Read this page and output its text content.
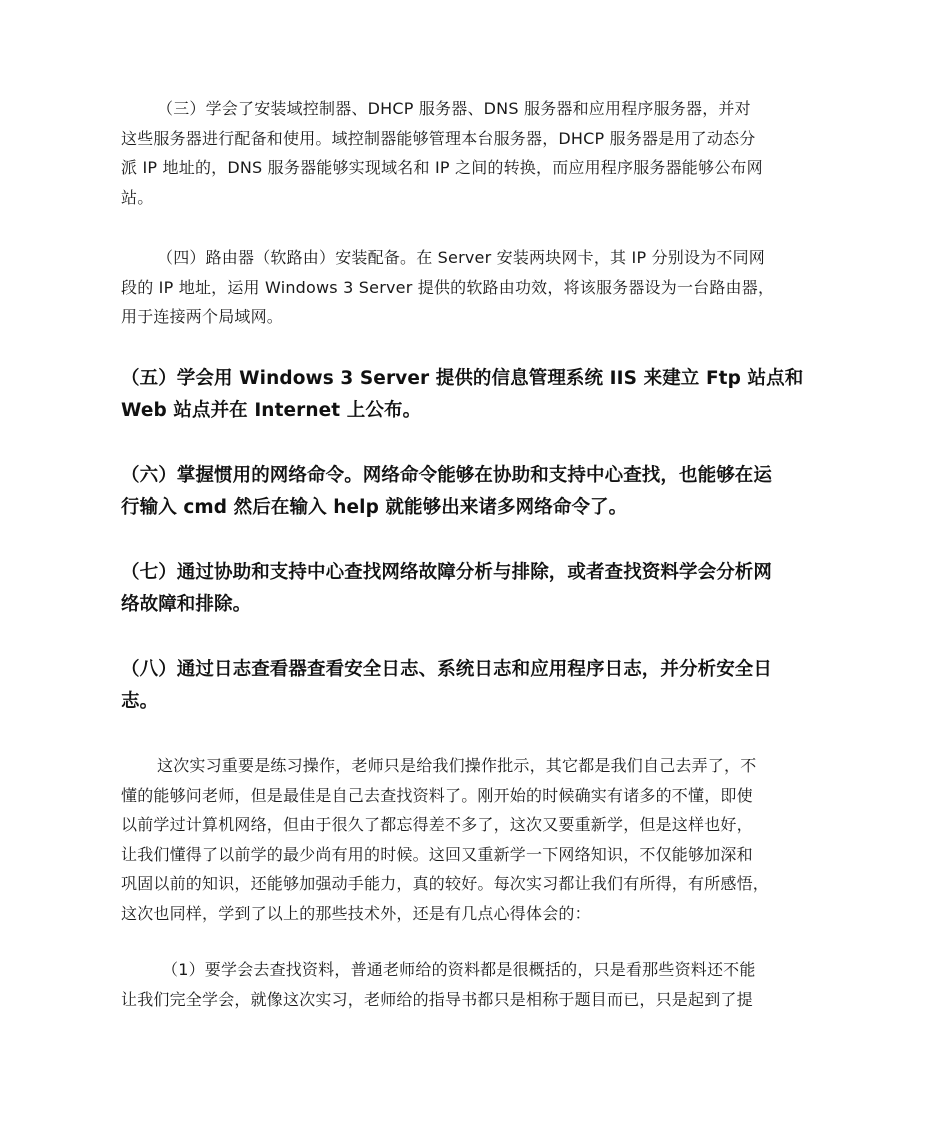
（三）学会了安装域控制器、DHCP 服务器、DNS 服务器和应用程序服务器，并对
这些服务器进行配备和使用。域控制器能够管理本台服务器，DHCP 服务器是用了动态分
派 IP 地址的，DNS 服务器能够实现域名和 IP 之间的转换，而应用程序服务器能够公布网
站。
（四）路由器（软路由）安装配备。在 Server 安装两块网卡，其 IP 分别设为不同网
段的 IP 地址，运用 Windows 3 Server 提供的软路由功效，将该服务器设为一台路由器，
用于连接两个局域网。
（五）学会用 Windows 3 Server 提供的信息管理系统 IIS 来建立 Ftp 站点和
Web 站点并在 Internet 上公布。
（六）掌握惯用的网络命令。网络命令能够在协助和支持中心查找，也能够在运
行输入 cmd 然后在输入 help 就能够出来诸多网络命令了。
（七）通过协助和支持中心查找网络故障分析与排除，或者查找资料学会分析网
络故障和排除。
（八）通过日志查看器查看安全日志、系统日志和应用程序日志，并分析安全日
志。
这次实习重要是练习操作，老师只是给我们操作批示，其它都是我们自己去弄了，不
懂的能够问老师，但是最佳是自己去查找资料了。刚开始的时候确实有诸多的不懂，即使
以前学过计算机网络，但由于很久了都忘得差不多了，这次又要重新学，但是这样也好，
让我们懂得了以前学的最少尚有用的时候。这回又重新学一下网络知识，不仅能够加深和
巩固以前的知识，还能够加强动手能力，真的较好。每次实习都让我们有所得，有所感悟，
这次也同样，学到了以上的那些技术外，还是有几点心得体会的：
（1）要学会去查找资料，普通老师给的资料都是很概括的，只是看那些资料还不能
让我们完全学会，就像这次实习，老师给的指导书都只是相称于题目而已，只是起到了提
